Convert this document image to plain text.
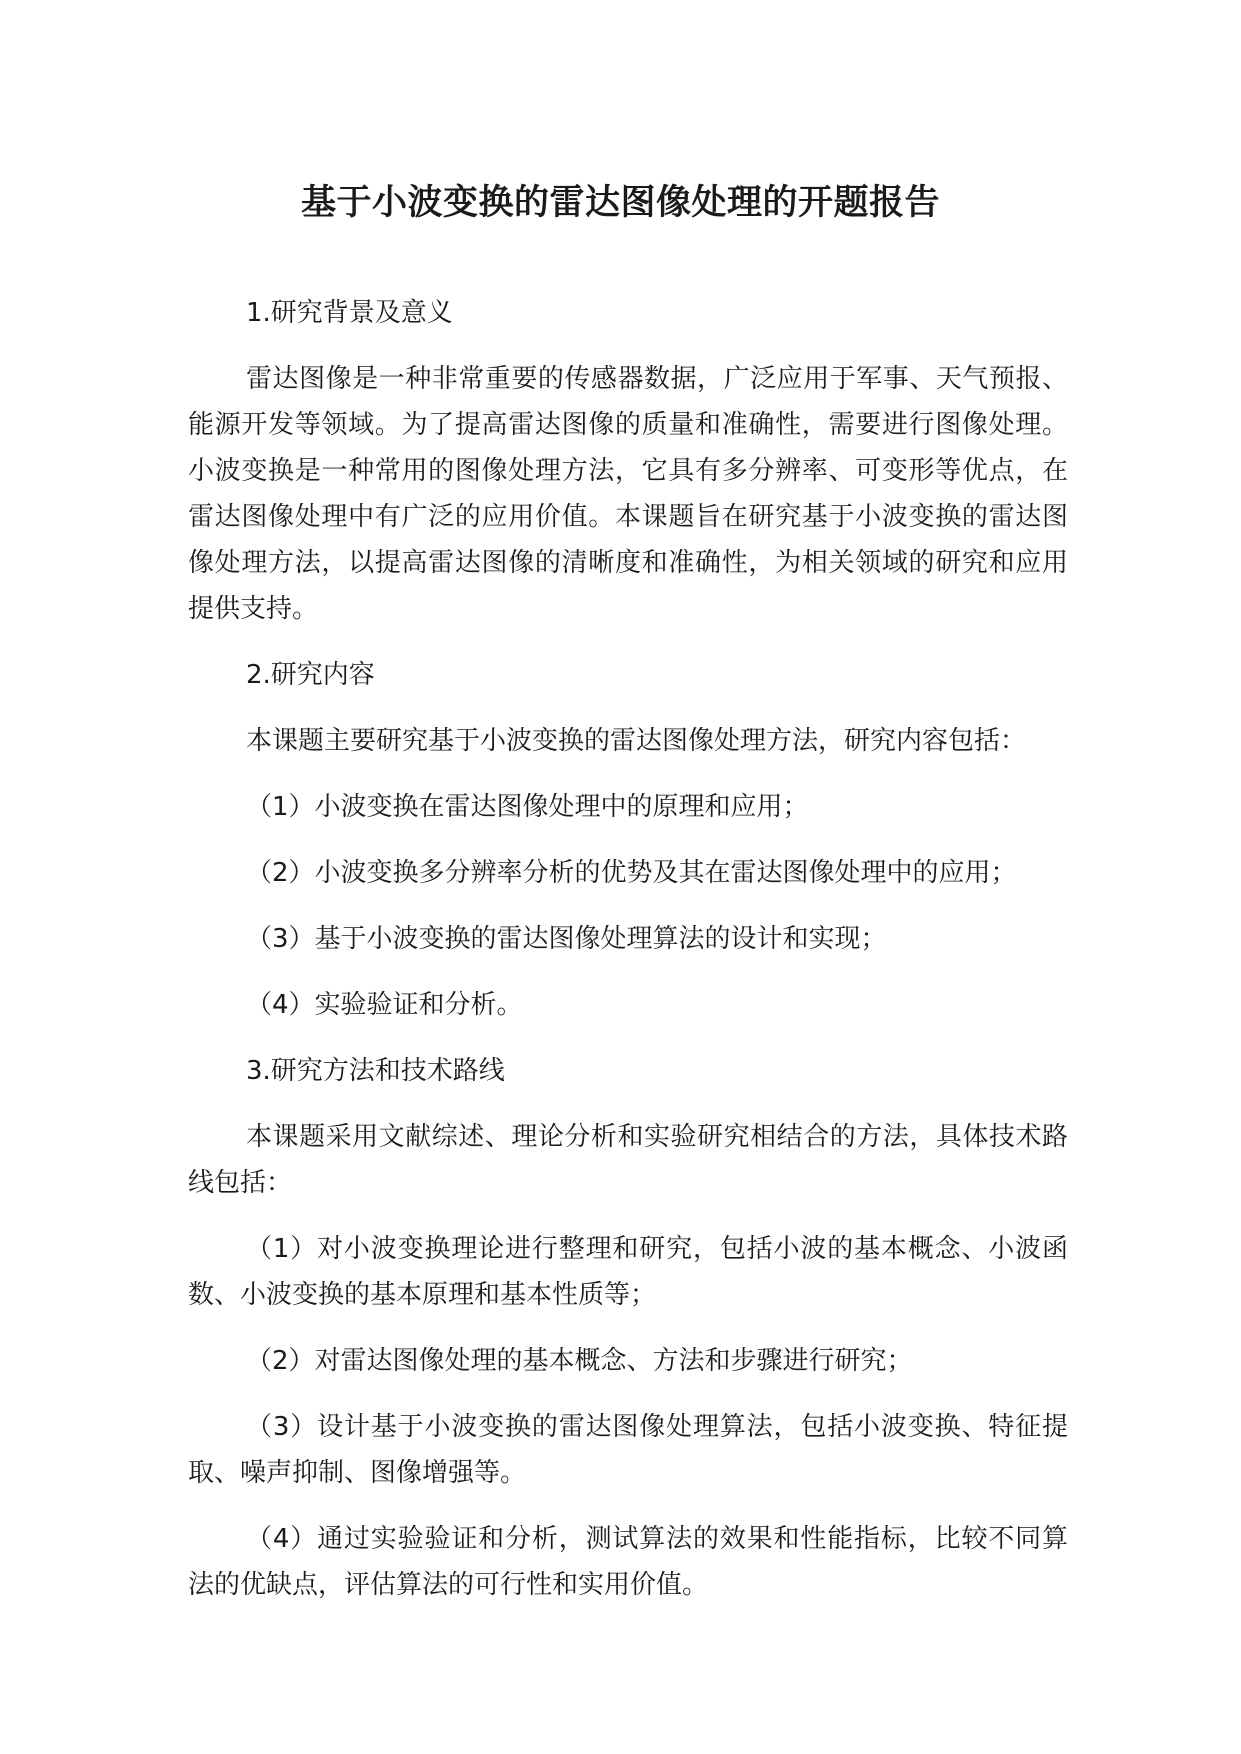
基于小波变换的雷达图像处理的开题报告

1.研究背景及意义

雷达图像是一种非常重要的传感器数据，广泛应用于军事、天气预报、能源开发等领域。为了提高雷达图像的质量和准确性，需要进行图像处理。小波变换是一种常用的图像处理方法，它具有多分辨率、可变形等优点，在雷达图像处理中有广泛的应用价值。本课题旨在研究基于小波变换的雷达图像处理方法，以提高雷达图像的清晰度和准确性，为相关领域的研究和应用提供支持。

2.研究内容

本课题主要研究基于小波变换的雷达图像处理方法，研究内容包括：

（1）小波变换在雷达图像处理中的原理和应用；

（2）小波变换多分辨率分析的优势及其在雷达图像处理中的应用；

（3）基于小波变换的雷达图像处理算法的设计和实现；

（4）实验验证和分析。

3.研究方法和技术路线

本课题采用文献综述、理论分析和实验研究相结合的方法，具体技术路线包括：

（1）对小波变换理论进行整理和研究，包括小波的基本概念、小波函数、小波变换的基本原理和基本性质等；

（2）对雷达图像处理的基本概念、方法和步骤进行研究；

（3）设计基于小波变换的雷达图像处理算法，包括小波变换、特征提取、噪声抑制、图像增强等。

（4）通过实验验证和分析，测试算法的效果和性能指标，比较不同算法的优缺点，评估算法的可行性和实用价值。
